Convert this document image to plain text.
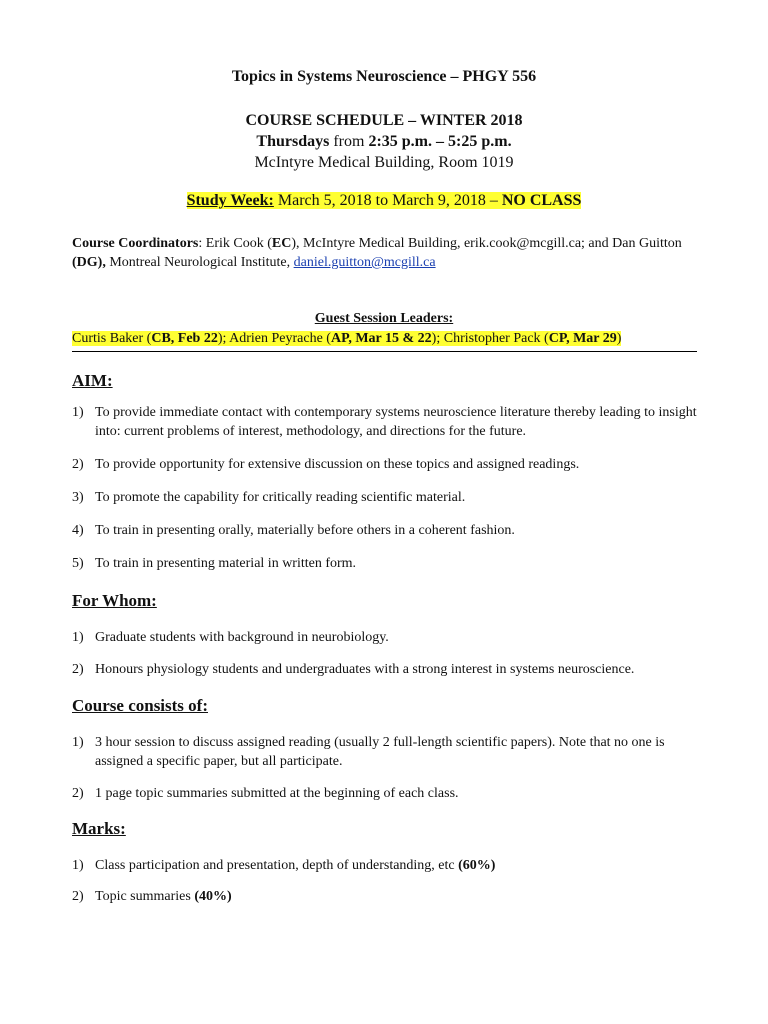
Topics in Systems Neuroscience – PHGY 556
COURSE SCHEDULE – WINTER 2018
Thursdays from 2:35 p.m. – 5:25 p.m.
McIntyre Medical Building, Room 1019
Study Week: March 5, 2018 to March 9, 2018 – NO CLASS
Course Coordinators: Erik Cook (EC), McIntyre Medical Building, erik.cook@mcgill.ca; and Dan Guitton (DG), Montreal Neurological Institute, daniel.guitton@mcgill.ca
Guest Session Leaders:
Curtis Baker (CB, Feb 22); Adrien Peyrache (AP, Mar 15 & 22); Christopher Pack (CP, Mar 29)
AIM:
1) To provide immediate contact with contemporary systems neuroscience literature thereby leading to insight into: current problems of interest, methodology, and directions for the future.
2) To provide opportunity for extensive discussion on these topics and assigned readings.
3) To promote the capability for critically reading scientific material.
4) To train in presenting orally, materially before others in a coherent fashion.
5) To train in presenting material in written form.
For Whom:
1) Graduate students with background in neurobiology.
2) Honours physiology students and undergraduates with a strong interest in systems neuroscience.
Course consists of:
1) 3 hour session to discuss assigned reading (usually 2 full-length scientific papers). Note that no one is assigned a specific paper, but all participate.
2) 1 page topic summaries submitted at the beginning of each class.
Marks:
1) Class participation and presentation, depth of understanding, etc (60%)
2) Topic summaries (40%)
